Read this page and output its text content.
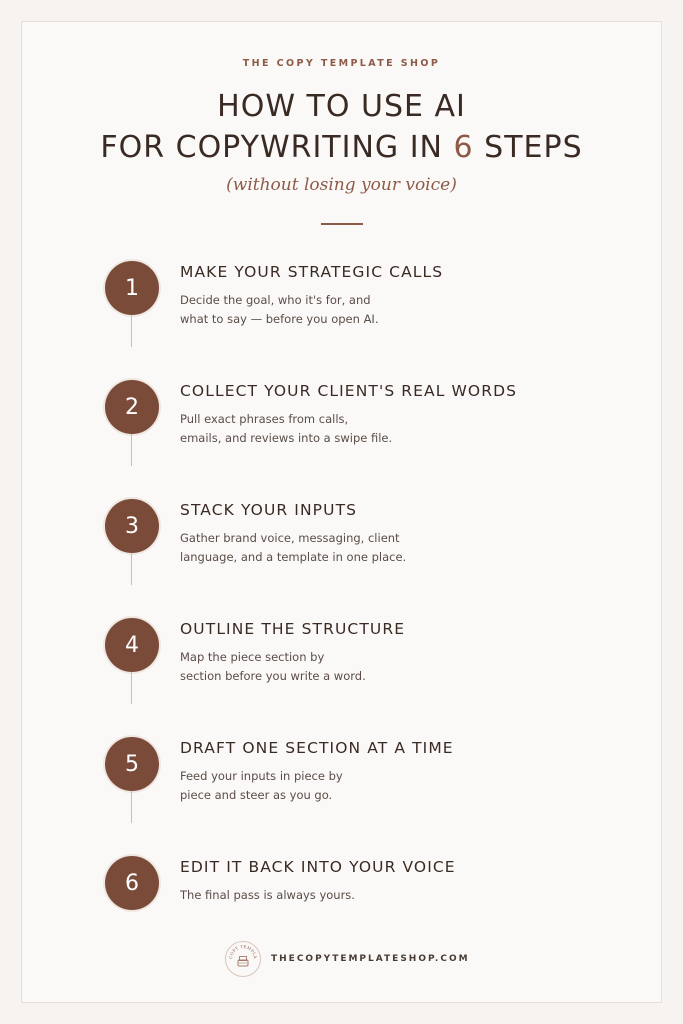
THE COPY TEMPLATE SHOP
HOW TO USE AI
FOR COPYWRITING IN 6 STEPS
(without losing your voice)
1
MAKE YOUR STRATEGIC CALLS
Decide the goal, who it's for, and
what to say — before you open AI.
2
COLLECT YOUR CLIENT'S REAL WORDS
Pull exact phrases from calls,
emails, and reviews into a swipe file.
3
STACK YOUR INPUTS
Gather brand voice, messaging, client
language, and a template in one place.
4
OUTLINE THE STRUCTURE
Map the piece section by
section before you write a word.
5
DRAFT ONE SECTION AT A TIME
Feed your inputs in piece by
piece and steer as you go.
6
EDIT IT BACK INTO YOUR VOICE
The final pass is always yours.
COPY TEMPLA THECOPYTEMPLATESHOP.COM
